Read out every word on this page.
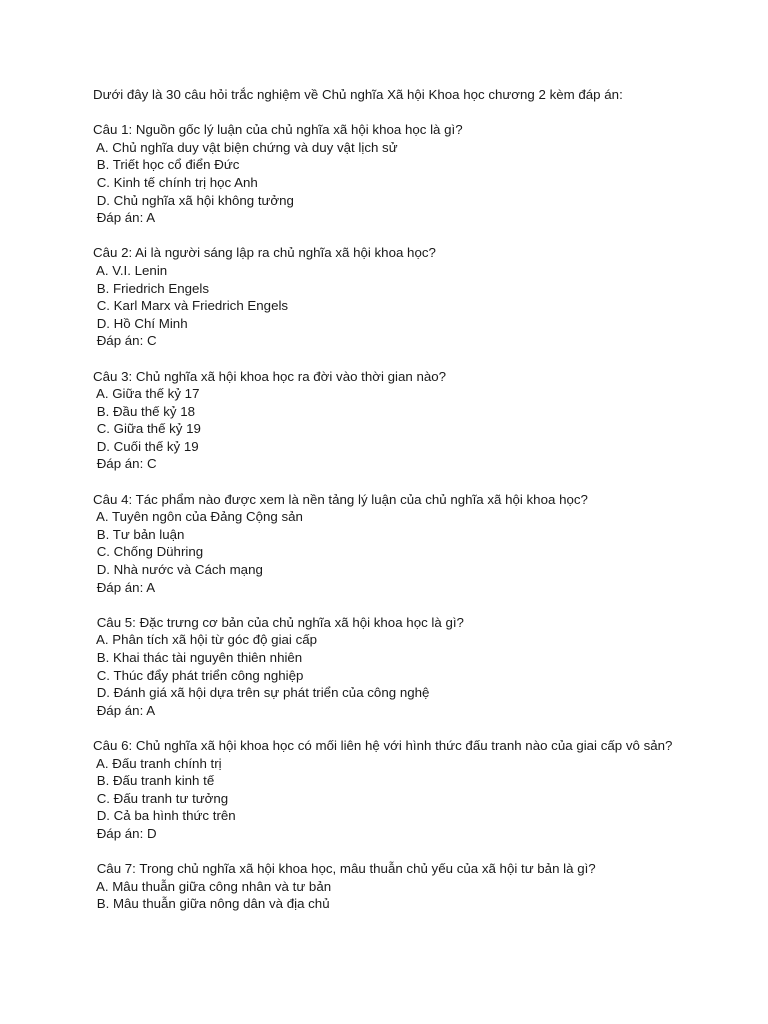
Dưới đây là 30 câu hỏi trắc nghiệm về Chủ nghĩa Xã hội Khoa học chương 2 kèm đáp án:

Câu 1: Nguồn gốc lý luận của chủ nghĩa xã hội khoa học là gì?

A. Chủ nghĩa duy vật biện chứng và duy vật lịch sử

B. Triết học cổ điển Đức

C. Kinh tế chính trị học Anh

D. Chủ nghĩa xã hội không tưởng

Đáp án: A

Câu 2: Ai là người sáng lập ra chủ nghĩa xã hội khoa học?

A. V.I. Lenin

B. Friedrich Engels

C. Karl Marx và Friedrich Engels

D. Hồ Chí Minh

Đáp án: C

Câu 3: Chủ nghĩa xã hội khoa học ra đời vào thời gian nào?

A. Giữa thế kỷ 17

B. Đầu thế kỷ 18

C. Giữa thế kỷ 19

D. Cuối thế kỷ 19

Đáp án: C

Câu 4: Tác phẩm nào được xem là nền tảng lý luận của chủ nghĩa xã hội khoa học?

A. Tuyên ngôn của Đảng Cộng sản

B. Tư bản luận

C. Chống Dühring

D. Nhà nước và Cách mạng

Đáp án: A

Câu 5: Đặc trưng cơ bản của chủ nghĩa xã hội khoa học là gì?

A. Phân tích xã hội từ góc độ giai cấp

B. Khai thác tài nguyên thiên nhiên

C. Thúc đẩy phát triển công nghiệp

D. Đánh giá xã hội dựa trên sự phát triển của công nghệ

Đáp án: A

Câu 6: Chủ nghĩa xã hội khoa học có mối liên hệ với hình thức đấu tranh nào của giai cấp vô sản?

A. Đấu tranh chính trị

B. Đấu tranh kinh tế

C. Đấu tranh tư tưởng

D. Cả ba hình thức trên

Đáp án: D

Câu 7: Trong chủ nghĩa xã hội khoa học, mâu thuẫn chủ yếu của xã hội tư bản là gì?

A. Mâu thuẫn giữa công nhân và tư bản

B. Mâu thuẫn giữa nông dân và địa chủ
